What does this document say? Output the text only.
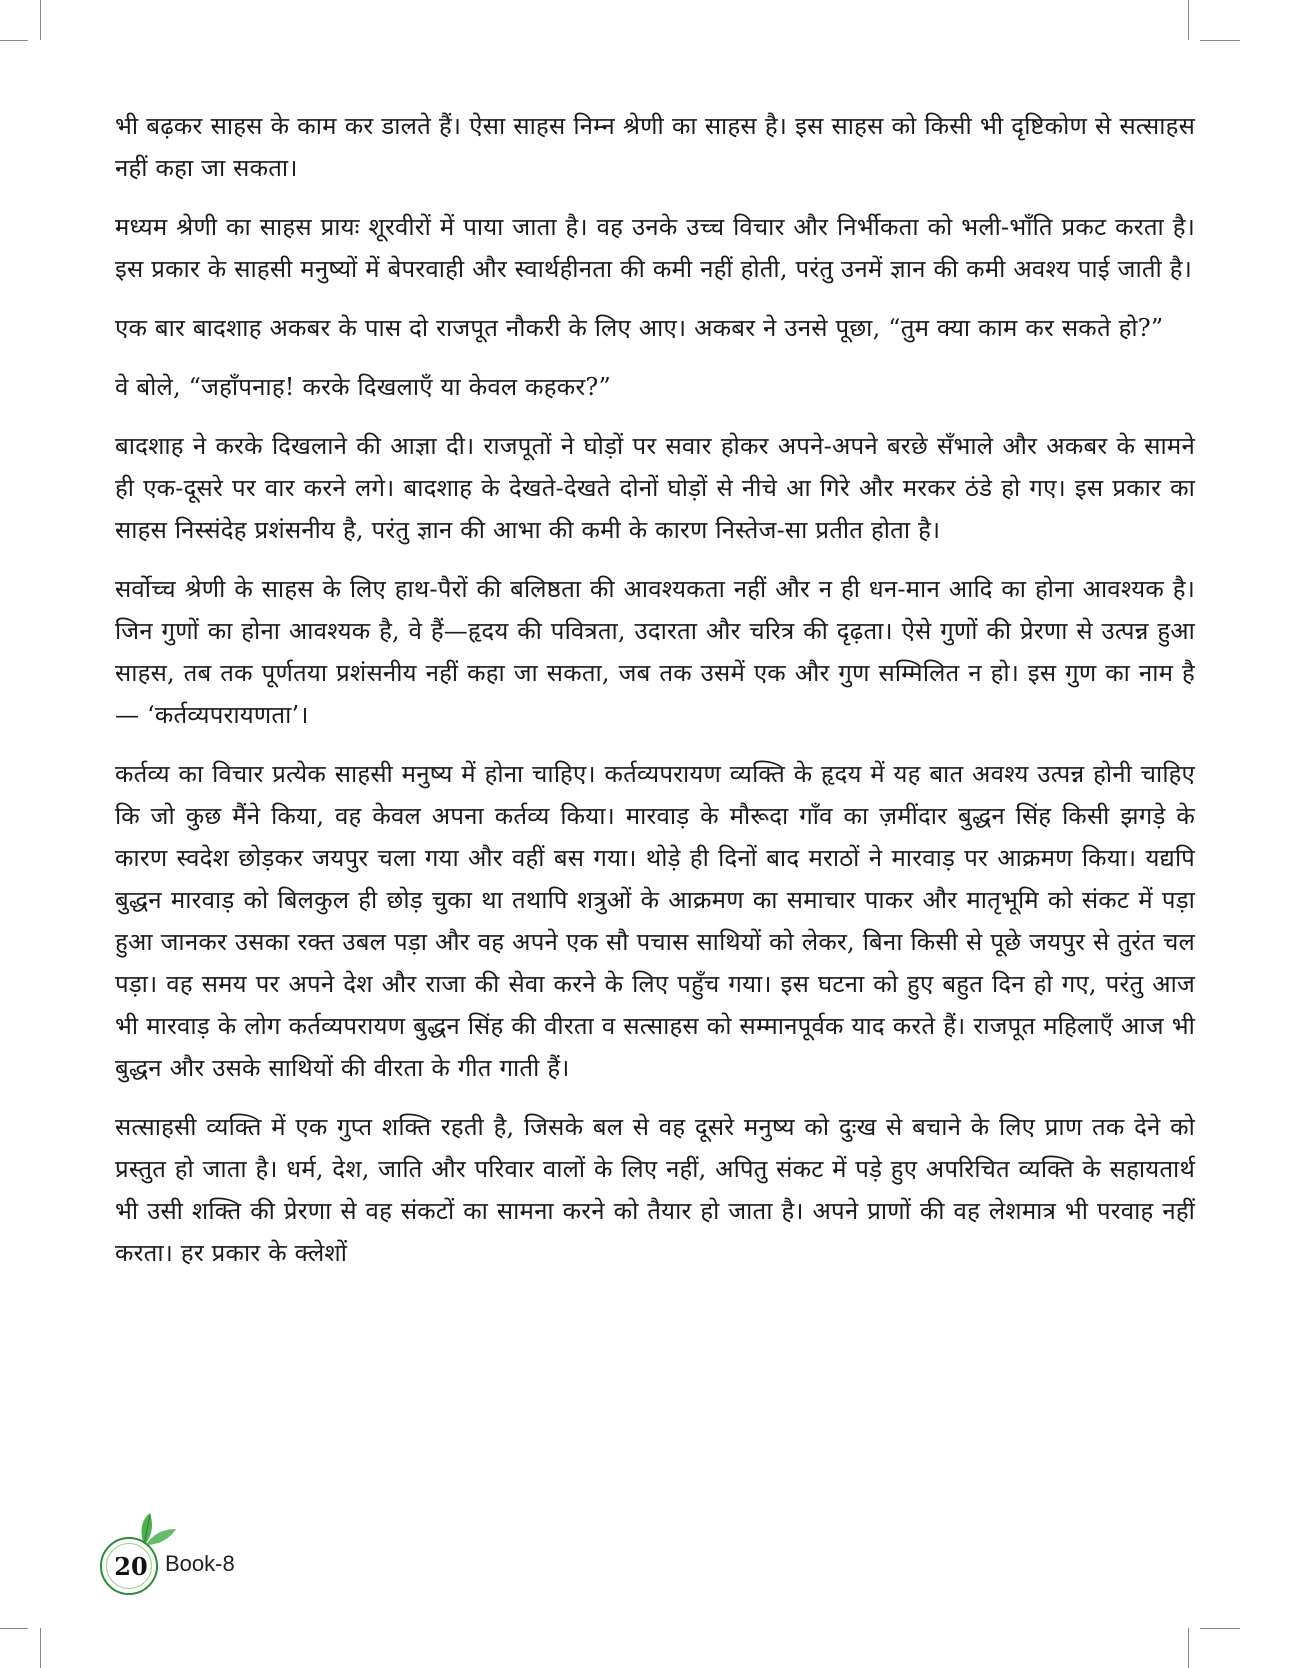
भी बढ़कर साहस के काम कर डालते हैं। ऐसा साहस निम्न श्रेणी का साहस है। इस साहस को किसी भी दृष्टिकोण से सत्साहस नहीं कहा जा सकता।

मध्यम श्रेणी का साहस प्रायः शूरवीरों में पाया जाता है। वह उनके उच्च विचार और निर्भीकता को भली-भाँति प्रकट करता है। इस प्रकार के साहसी मनुष्यों में बेपरवाही और स्वार्थहीनता की कमी नहीं होती, परंतु उनमें ज्ञान की कमी अवश्य पाई जाती है।

एक बार बादशाह अकबर के पास दो राजपूत नौकरी के लिए आए। अकबर ने उनसे पूछा, “तुम क्या काम कर सकते हो?”

वे बोले, “जहाँपनाह! करके दिखलाएँ या केवल कहकर?”

बादशाह ने करके दिखलाने की आज्ञा दी। राजपूतों ने घोड़ों पर सवार होकर अपने-अपने बरछे सँभाले और अकबर के सामने ही एक-दूसरे पर वार करने लगे। बादशाह के देखते-देखते दोनों घोड़ों से नीचे आ गिरे और मरकर ठंडे हो गए। इस प्रकार का साहस निस्संदेह प्रशंसनीय है, परंतु ज्ञान की आभा की कमी के कारण निस्तेज-सा प्रतीत होता है।

सर्वोच्च श्रेणी के साहस के लिए हाथ-पैरों की बलिष्ठता की आवश्यकता नहीं और न ही धन-मान आदि का होना आवश्यक है। जिन गुणों का होना आवश्यक है, वे हैं—हृदय की पवित्रता, उदारता और चरित्र की दृढ़ता। ऐसे गुणों की प्रेरणा से उत्पन्न हुआ साहस, तब तक पूर्णतया प्रशंसनीय नहीं कहा जा सकता, जब तक उसमें एक और गुण सम्मिलित न हो। इस गुण का नाम है— ‘कर्तव्यपरायणता’।

कर्तव्य का विचार प्रत्येक साहसी मनुष्य में होना चाहिए। कर्तव्यपरायण व्यक्ति के हृदय में यह बात अवश्य उत्पन्न होनी चाहिए कि जो कुछ मैंने किया, वह केवल अपना कर्तव्य किया। मारवाड़ के मौरूदा गाँव का ज़मींदार बुद्धन सिंह किसी झगड़े के कारण स्वदेश छोड़कर जयपुर चला गया और वहीं बस गया। थोड़े ही दिनों बाद मराठों ने मारवाड़ पर आक्रमण किया। यद्यपि बुद्धन मारवाड़ को बिलकुल ही छोड़ चुका था तथापि शत्रुओं के आक्रमण का समाचार पाकर और मातृभूमि को संकट में पड़ा हुआ जानकर उसका रक्त उबल पड़ा और वह अपने एक सौ पचास साथियों को लेकर, बिना किसी से पूछे जयपुर से तुरंत चल पड़ा। वह समय पर अपने देश और राजा की सेवा करने के लिए पहुँच गया। इस घटना को हुए बहुत दिन हो गए, परंतु आज भी मारवाड़ के लोग कर्तव्यपरायण बुद्धन सिंह की वीरता व सत्साहस को सम्मानपूर्वक याद करते हैं। राजपूत महिलाएँ आज भी बुद्धन और उसके साथियों की वीरता के गीत गाती हैं।

सत्साहसी व्यक्ति में एक गुप्त शक्ति रहती है, जिसके बल से वह दूसरे मनुष्य को दुःख से बचाने के लिए प्राण तक देने को प्रस्तुत हो जाता है। धर्म, देश, जाति और परिवार वालों के लिए नहीं, अपितु संकट में पड़े हुए अपरिचित व्यक्ति के सहायतार्थ भी उसी शक्ति की प्रेरणा से वह संकटों का सामना करने को तैयार हो जाता है। अपने प्राणों की वह लेशमात्र भी परवाह नहीं करता। हर प्रकार के क्लेशों

20 Book-8
